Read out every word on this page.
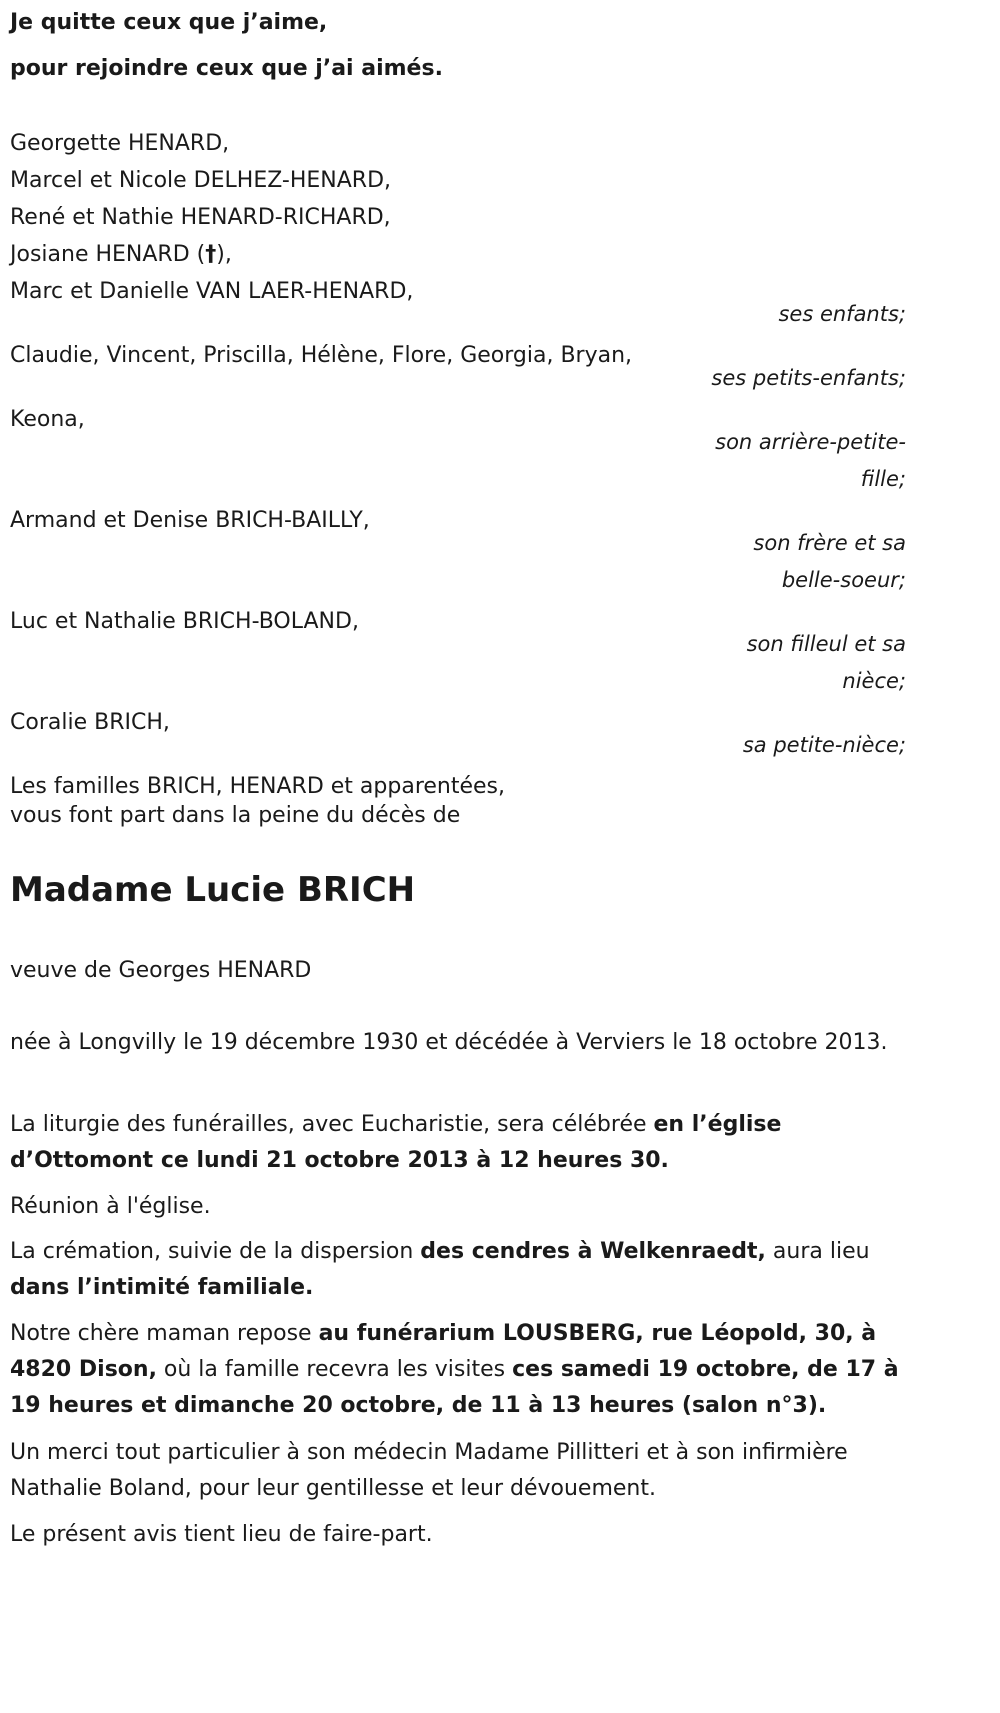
Je quitte ceux que j’aime,

pour rejoindre ceux que j’ai aimés.

Georgette HENARD,
Marcel et Nicole DELHEZ-HENARD,
René et Nathie HENARD-RICHARD,
Josiane HENARD (†),
Marc et Danielle VAN LAER-HENARD,
ses enfants;
Claudie, Vincent, Priscilla, Hélène, Flore, Georgia, Bryan,
ses petits-enfants;
Keona,
son arrière-petite-fille;
Armand et Denise BRICH-BAILLY,
son frère et sa belle-soeur;
Luc et Nathalie BRICH-BOLAND,
son filleul et sa nièce;
Coralie BRICH,
sa petite-nièce;
Les familles BRICH, HENARD et apparentées,

vous font part dans la peine du décès de

Madame Lucie BRICH

veuve de Georges HENARD

née à Longvilly le 19 décembre 1930 et décédée à Verviers le 18 octobre 2013.

La liturgie des funérailles, avec Eucharistie, sera célébrée en l’église d’Ottomont ce lundi 21 octobre 2013 à 12 heures 30.

Réunion à l'église.

La crémation, suivie de la dispersion des cendres à Welkenraedt, aura lieu dans l’intimité familiale.

Notre chère maman repose au funérarium LOUSBERG, rue Léopold, 30, à 4820 Dison, où la famille recevra les visites ces samedi 19 octobre, de 17 à 19 heures et dimanche 20 octobre, de 11 à 13 heures (salon n°3).

Un merci tout particulier à son médecin Madame Pillitteri et à son infirmière Nathalie Boland, pour leur gentillesse et leur dévouement.

Le présent avis tient lieu de faire-part.
